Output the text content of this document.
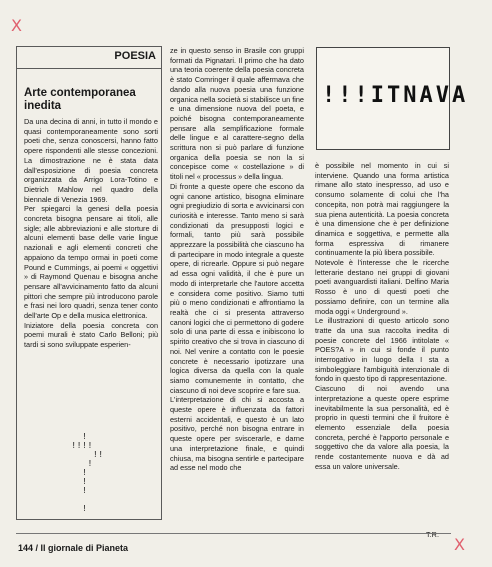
X
POESIA
Arte contemporanea inedita

Da una decina di anni, in tutto il mondo e quasi contemporaneamente sono sorti poeti che, senza conoscersi, hanno fatto opere rispondenti alle stesse concezioni. La dimostrazione ne è stata data dall'esposizione di poesia concreta organizzata da Arrigo Lora-Totino e Dietrich Mahlow nel quadro della biennale di Venezia 1969.

Per spiegarci la genesi della poesia concreta bisogna pensare ai titoli, alle sigle; alle abbreviazioni e alle storture di alcuni elementi base delle varie lingue nazionali e agli elementi concreti che appaiono da tempo ormai in poeti come Pound e Cummings, ai poemi « oggettivi » di Raymond Quenau e bisogna anche pensare all'avvicinamento fatto da alcuni pittori che sempre più introducono parole e frasi nei loro quadri, senza tener conto dell'arte Op e della musica elettronica.

Iniziatore della poesia concreta con poemi murali è stato Carlo Belloni; più tardi si sono sviluppate esperien-

!
!!!!
!!
!
!
!
!

!

ze in questo senso in Brasile con gruppi formati da Pignatari. Il primo che ha dato una teoria coerente della poesia concreta è stato Comringer il quale affermava che dando alla nuova poesia una funzione organica nella società si stabilisce un fine e una dimensione nuova del poeta, e poiché bisogna contemporaneamente pensare alla semplificazione formale delle lingue e al carattere-segno della scrittura non si può parlare di funzione organica della poesia se non la si concepisce come « costellazione » di titoli nel « processus » della lingua.

Di fronte a queste opere che escono da ogni canone artistico, bisogna eliminare ogni pregiudizio di sorta e avvicinarsi con curiosità e interesse. Tanto meno si sarà condizionati da presupposti logici e formali, tanto più sarà possibile apprezzare la possibilità che ciascuno ha di partecipare in modo integrale a queste opere, di ricrearle. Oppure si può negare ad essa ogni validità, il che è pure un modo di interpretarle che l'autore accetta e considera come positivo. Siamo tutti più o meno condizionati e affrontiamo la realtà che ci si presenta attraverso canoni logici che ci permettono di godere solo di una parte di essa e inibiscono lo spirito creativo che si trova in ciascuno di noi. Nel venire a contatto con le poesie concrete è necessario ipotizzare una logica diversa da quella con la quale siamo comunemente in contatto, che ciascuno di noi deve scoprire e fare sua.

L'interpretazione di chi si accosta a queste opere è influenzata da fattori esterni accidentali, e questo è un lato positivo, perché non bisogna entrare in queste opere per sviscerarle, e darne una interpretazione finale, e quindi chiusa, ma bisogna sentirle e partecipare ad esse nel modo che

!!!ITNAVA

è possibile nel momento in cui si interviene. Quando una forma artistica rimane allo stato inespresso, ad uso e consumo solamente di colui che l'ha concepita, non potrà mai raggiungere la sua piena autenticità. La poesia concreta è una dimensione che è per definizione dinamica e soggettiva, e permette alla forma espressiva di rimanere continuamente la più libera possibile.

Notevole è l'interesse che le ricerche letterarie destano nei gruppi di giovani poeti avanguardisti italiani. Delfino Maria Rosso è uno di questi poeti che possiamo definire, con un termine alla moda oggi « Underground ».

Le illustrazioni di questo articolo sono tratte da una sua raccolta inedita di poesie concrete del 1966 intitolate « POES?A » in cui si fonde il punto interrogativo in luogo della I sta a simboleggiare l'ambiguità intenzionale di fondo in questo tipo di rappresentazione.

Ciascuno di noi avendo una interpretazione a queste opere esprime inevitabilmente la sua personalità, ed è proprio in questi termini che il fruitore è elemento essenziale della poesia concreta, perché è l'apporto personale e soggettivo che da valore alla poesia, la rende costantemente nuova e dà ad essa un valore universale.

T.R.
144 / Il giornale di Pianeta	X
